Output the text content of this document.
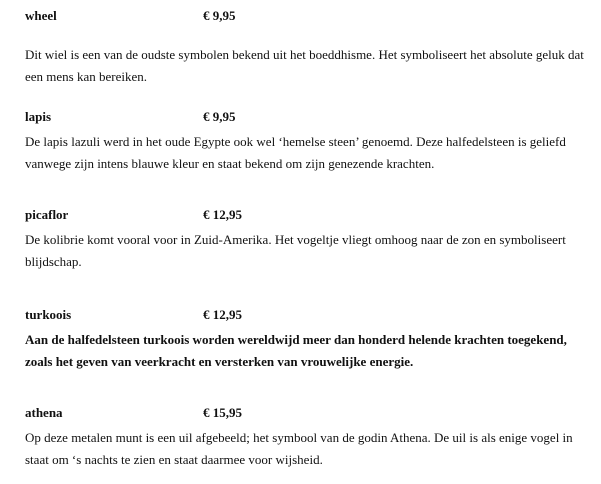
wheel	€ 9,95
Dit wiel is een van de oudste symbolen bekend uit het boeddhisme. Het symboliseert het absolute geluk dat een mens kan bereiken.
lapis	€ 9,95
De lapis lazuli werd in het oude Egypte ook wel ‘hemelse steen’ genoemd. Deze halfedelsteen is geliefd vanwege zijn intens blauwe kleur en staat bekend om zijn genezende krachten.
picaflor	€ 12,95
De kolibrie komt vooral voor in Zuid-Amerika. Het vogeltje vliegt omhoog naar de zon en symboliseert blijdschap.
turkoois	€ 12,95
Aan de halfedelsteen turkoois worden wereldwijd meer dan honderd helende krachten toegekend, zoals het geven van veerkracht en versterken van vrouwelijke energie.
athena	€ 15,95
Op deze metalen munt is een uil afgebeeld; het symbool van de godin Athena. De uil is als enige vogel in staat om ‘s nachts te zien en staat daarmee voor wijsheid.
